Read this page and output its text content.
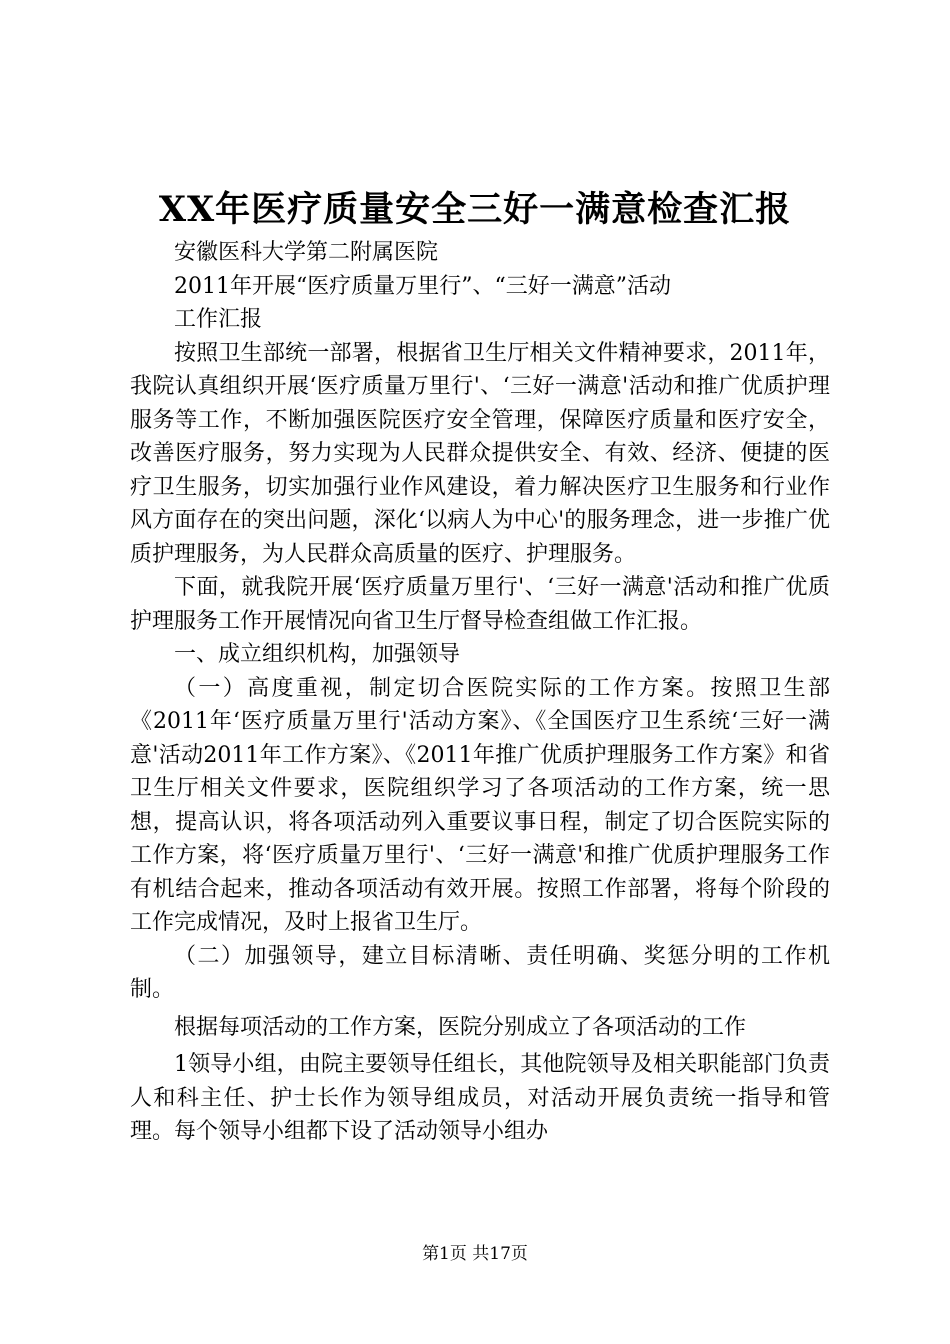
XX年医疗质量安全三好一满意检查汇报

安徽医科大学第二附属医院

2011年开展“医疗质量万里行”、“三好一满意”活动

工作汇报

按照卫生部统一部署，根据省卫生厅相关文件精神要求，2011年，我院认真组织开展‘医疗质量万里行'、‘三好一满意'活动和推广优质护理服务等工作，不断加强医院医疗安全管理，保障医疗质量和医疗安全，改善医疗服务，努力实现为人民群众提供安全、有效、经济、便捷的医疗卫生服务，切实加强行业作风建设，着力解决医疗卫生服务和行业作风方面存在的突出问题，深化‘以病人为中心'的服务理念，进一步推广优质护理服务，为人民群众高质量的医疗、护理服务。

下面，就我院开展‘医疗质量万里行'、‘三好一满意'活动和推广优质护理服务工作开展情况向省卫生厅督导检查组做工作汇报。

一、成立组织机构，加强领导

（一）高度重视，制定切合医院实际的工作方案。按照卫生部《2011年‘医疗质量万里行'活动方案》、《全国医疗卫生系统‘三好一满意'活动2011年工作方案》、《2011年推广优质护理服务工作方案》和省卫生厅相关文件要求，医院组织学习了各项活动的工作方案，统一思想，提高认识，将各项活动列入重要议事日程，制定了切合医院实际的工作方案，将‘医疗质量万里行'、‘三好一满意'和推广优质护理服务工作有机结合起来，推动各项活动有效开展。按照工作部署，将每个阶段的工作完成情况，及时上报省卫生厅。

（二）加强领导，建立目标清晰、责任明确、奖惩分明的工作机制。

根据每项活动的工作方案，医院分别成立了各项活动的工作

1领导小组，由院主要领导任组长，其他院领导及相关职能部门负责人和科主任、护士长作为领导组成员，对活动开展负责统一指导和管理。每个领导小组都下设了活动领导小组办

第1页 共17页
